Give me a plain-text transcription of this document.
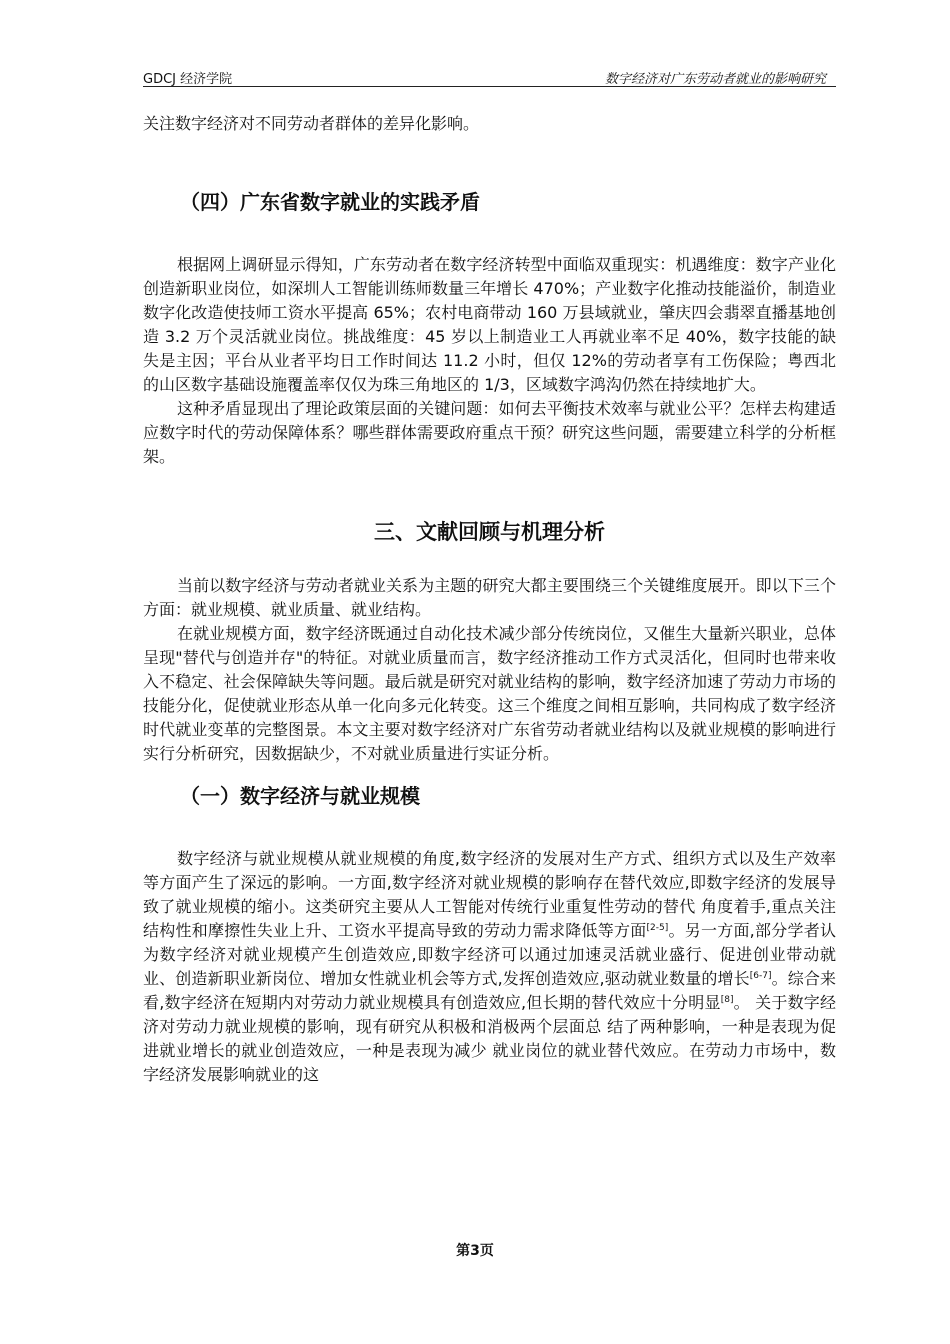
GDCJ 经济学院	数字经济对广东劳动者就业的影响研究

关注数字经济对不同劳动者群体的差异化影响。

（四）广东省数字就业的实践矛盾

根据网上调研显示得知，广东劳动者在数字经济转型中面临双重现实：机遇维度：数字产业化创造新职业岗位，如深圳人工智能训练师数量三年增长 470%；产业数字化推动技能溢价，制造业数字化改造使技师工资水平提高 65%；农村电商带动 160 万县域就业，肇庆四会翡翠直播基地创造 3.2 万个灵活就业岗位。挑战维度：45 岁以上制造业工人再就业率不足 40%，数字技能的缺失是主因；平台从业者平均日工作时间达 11.2 小时，但仅 12%的劳动者享有工伤保险；粤西北的山区数字基础设施覆盖率仅仅为珠三角地区的 1/3，区域数字鸿沟仍然在持续地扩大。

这种矛盾显现出了理论政策层面的关键问题：如何去平衡技术效率与就业公平？怎样去构建适应数字时代的劳动保障体系？哪些群体需要政府重点干预？研究这些问题，需要建立科学的分析框架。

三、文献回顾与机理分析

当前以数字经济与劳动者就业关系为主题的研究大都主要围绕三个关键维度展开。即以下三个方面：就业规模、就业质量、就业结构。

在就业规模方面，数字经济既通过自动化技术减少部分传统岗位，又催生大量新兴职业，总体呈现"替代与创造并存"的特征。对就业质量而言，数字经济推动工作方式灵活化，但同时也带来收入不稳定、社会保障缺失等问题。最后就是研究对就业结构的影响，数字经济加速了劳动力市场的技能分化，促使就业形态从单一化向多元化转变。这三个维度之间相互影响，共同构成了数字经济时代就业变革的完整图景。本文主要对数字经济对广东省劳动者就业结构以及就业规模的影响进行实行分析研究，因数据缺少，不对就业质量进行实证分析。

（一）数字经济与就业规模

数字经济与就业规模从就业规模的角度,数字经济的发展对生产方式、组织方式以及生产效率等方面产生了深远的影响。一方面,数字经济对就业规模的影响存在替代效应,即数字经济的发展导致了就业规模的缩小。这类研究主要从人工智能对传统行业重复性劳动的替代 角度着手,重点关注结构性和摩擦性失业上升、工资水平提高导致的劳动力需求降低等方面[2-5]。另一方面,部分学者认为数字经济对就业规模产生创造效应,即数字经济可以通过加速灵活就业盛行、促进创业带动就业、创造新职业新岗位、增加女性就业机会等方式,发挥创造效应,驱动就业数量的增长[6-7]。综合来看,数字经济在短期内对劳动力就业规模具有创造效应,但长期的替代效应十分明显[8]。 关于数字经济对劳动力就业规模的影响，现有研究从积极和消极两个层面总 结了两种影响，一种是表现为促进就业增长的就业创造效应，一种是表现为减少 就业岗位的就业替代效应。在劳动力市场中，数字经济发展影响就业的这

第3页
